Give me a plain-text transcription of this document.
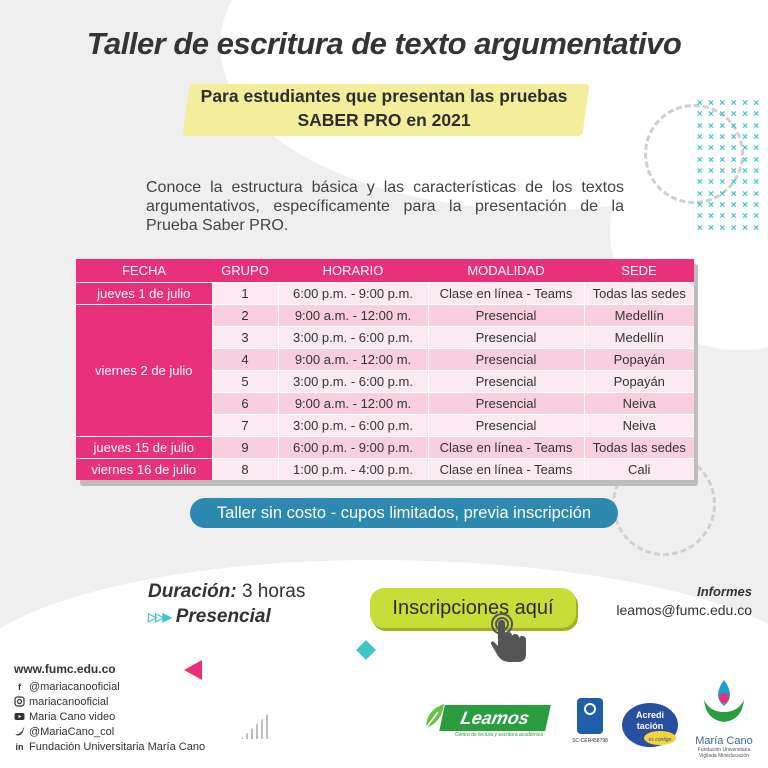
× × × × × ×
× × × × × ×
× × × × × ×
× × × × × ×
× × × × × ×
× × × × × ×
× × × × × ×
× × × × × ×
× × × × × ×
× × × × × ×
× × × × × ×
× × × × × ×
Taller de escritura de texto argumentativo
Para estudiantes que presentan las pruebas
SABER PRO en 2021

Conoce la estructura básica y las características de los textos argumentativos, específicamente para la presentación de la Prueba Saber PRO.

FECHA	GRUPO	HORARIO	MODALIDAD	SEDE
jueves 1 de julio	1	6:00 p.m. - 9:00 p.m.	Clase en línea - Teams	Todas las sedes
viernes 2 de julio	2	9:00 a.m. - 12:00 m.	Presencial	Medellín
	3	3:00 p.m. - 6:00 p.m.	Presencial	Medellín
	4	9:00 a.m. - 12:00 m.	Presencial	Popayán
	5	3:00 p.m. - 6:00 p.m.	Presencial	Popayán
	6	9:00 a.m. - 12:00 m.	Presencial	Neiva
	7	3:00 p.m. - 6:00 p.m.	Presencial	Neiva
jueves 15 de julio	9	6:00 p.m. - 9:00 p.m.	Clase en línea - Teams	Todas las sedes
viernes 16 de julio	8	1:00 p.m. - 4:00 p.m.	Clase en línea - Teams	Cali
Taller sin costo - cupos limitados, previa inscripción
Duración: 3 horas
▷▷▶ Presencial	Inscripciones aquí
Informes
leamos@fumc.edu.co
www.fumc.edu.co
f @mariacanooficial
mariacanooficial
Maria Cano video
@MariaCano_col
in Fundación Universitaria María Cano
Leamos
Centro de lectura y escritura académica
SC-CER458798
Acredi
tación
es contigo	María Cano
Fundación Universitaria
Vigilada Mineducación
